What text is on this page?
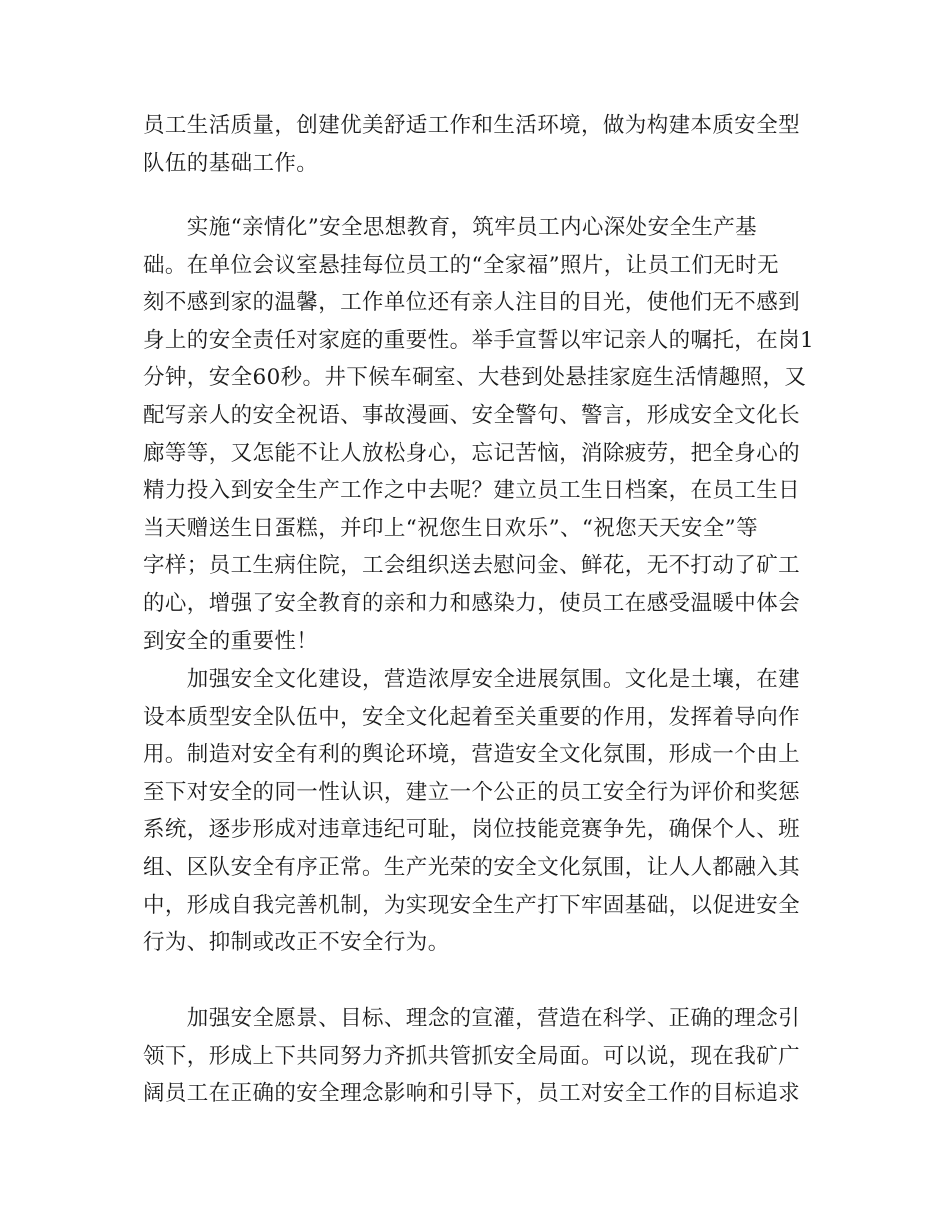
员工生活质量，创建优美舒适工作和生活环境，做为构建本质安全型
队伍的基础工作。
　　实施“亲情化”安全思想教育，筑牢员工内心深处安全生产基
础。在单位会议室悬挂每位员工的“全家福”照片，让员工们无时无
刻不感到家的温馨，工作单位还有亲人注目的目光，使他们无不感到
身上的安全责任对家庭的重要性。举手宣誓以牢记亲人的嘱托，在岗1
分钟，安全60秒。井下候车硐室、大巷到处悬挂家庭生活情趣照，又
配写亲人的安全祝语、事故漫画、安全警句、警言，形成安全文化长
廊等等，又怎能不让人放松身心，忘记苦恼，消除疲劳，把全身心的
精力投入到安全生产工作之中去呢？建立员工生日档案，在员工生日
当天赠送生日蛋糕，并印上“祝您生日欢乐”、“祝您天天安全”等
字样；员工生病住院，工会组织送去慰问金、鲜花，无不打动了矿工
的心，增强了安全教育的亲和力和感染力，使员工在感受温暖中体会
到安全的重要性！
　　加强安全文化建设，营造浓厚安全进展氛围。文化是土壤，在建
设本质型安全队伍中，安全文化起着至关重要的作用，发挥着导向作
用。制造对安全有利的舆论环境，营造安全文化氛围，形成一个由上
至下对安全的同一性认识，建立一个公正的员工安全行为评价和奖惩
系统，逐步形成对违章违纪可耻，岗位技能竞赛争先，确保个人、班
组、区队安全有序正常。生产光荣的安全文化氛围，让人人都融入其
中，形成自我完善机制，为实现安全生产打下牢固基础，以促进安全
行为、抑制或改正不安全行为。
　　加强安全愿景、目标、理念的宣灌，营造在科学、正确的理念引
领下，形成上下共同努力齐抓共管抓安全局面。可以说，现在我矿广
阔员工在正确的安全理念影响和引导下，员工对安全工作的目标追求
